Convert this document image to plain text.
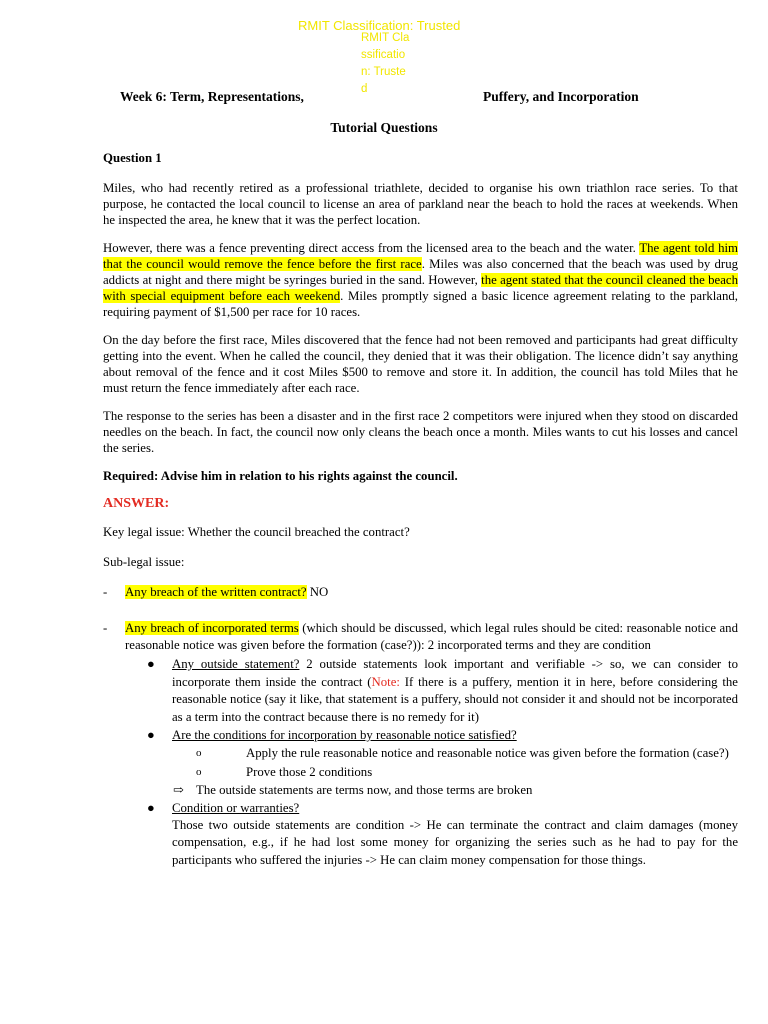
RMIT Classification: Trusted
RMIT Classification: Trusted
Week 6: Term, Representations,	Puffery, and Incorporation
Tutorial Questions

Question 1

Miles, who had recently retired as a professional triathlete, decided to organise his own triathlon race series. To that purpose, he contacted the local council to license an area of parkland near the beach to hold the races at weekends. When he inspected the area, he knew that it was the perfect location.

However, there was a fence preventing direct access from the licensed area to the beach and the water. The agent told him that the council would remove the fence before the first race. Miles was also concerned that the beach was used by drug addicts at night and there might be syringes buried in the sand. However, the agent stated that the council cleaned the beach with special equipment before each weekend. Miles promptly signed a basic licence agreement relating to the parkland, requiring payment of $1,500 per race for 10 races.

On the day before the first race, Miles discovered that the fence had not been removed and participants had great difficulty getting into the event. When he called the council, they denied that it was their obligation. The licence didn’t say anything about removal of the fence and it cost Miles $500 to remove and store it. In addition, the council has told Miles that he must return the fence immediately after each race.

The response to the series has been a disaster and in the first race 2 competitors were injured when they stood on discarded needles on the beach. In fact, the council now only cleans the beach once a month. Miles wants to cut his losses and cancel the series.

Required: Advise him in relation to his rights against the council.

ANSWER:

Key legal issue: Whether the council breached the contract?

Sub-legal issue:

- Any breach of the written contract? NO

- Any breach of incorporated terms (which should be discussed, which legal rules should be cited: reasonable notice and reasonable notice was given before the formation (case?)): 2 incorporated terms and they are condition

● Any outside statement? 2 outside statements look important and verifiable -> so, we can consider to incorporate them inside the contract (Note: If there is a puffery, mention it in here, before considering the reasonable notice (say it like, that statement is a puffery, should not consider it and should not be incorporated as a term into the contract because there is no remedy for it)

● Are the conditions for incorporation by reasonable notice satisfied?

o	Apply the rule reasonable notice and reasonable notice was given before the formation (case?)

o	Prove those 2 conditions

⇨ The outside statements are terms now, and those terms are broken

● Condition or warranties?

Those two outside statements are condition -> He can terminate the contract and claim damages (money compensation, e.g., if he had lost some money for organizing the series such as he had to pay for the participants who suffered the injuries -> He can claim money compensation for those things.
